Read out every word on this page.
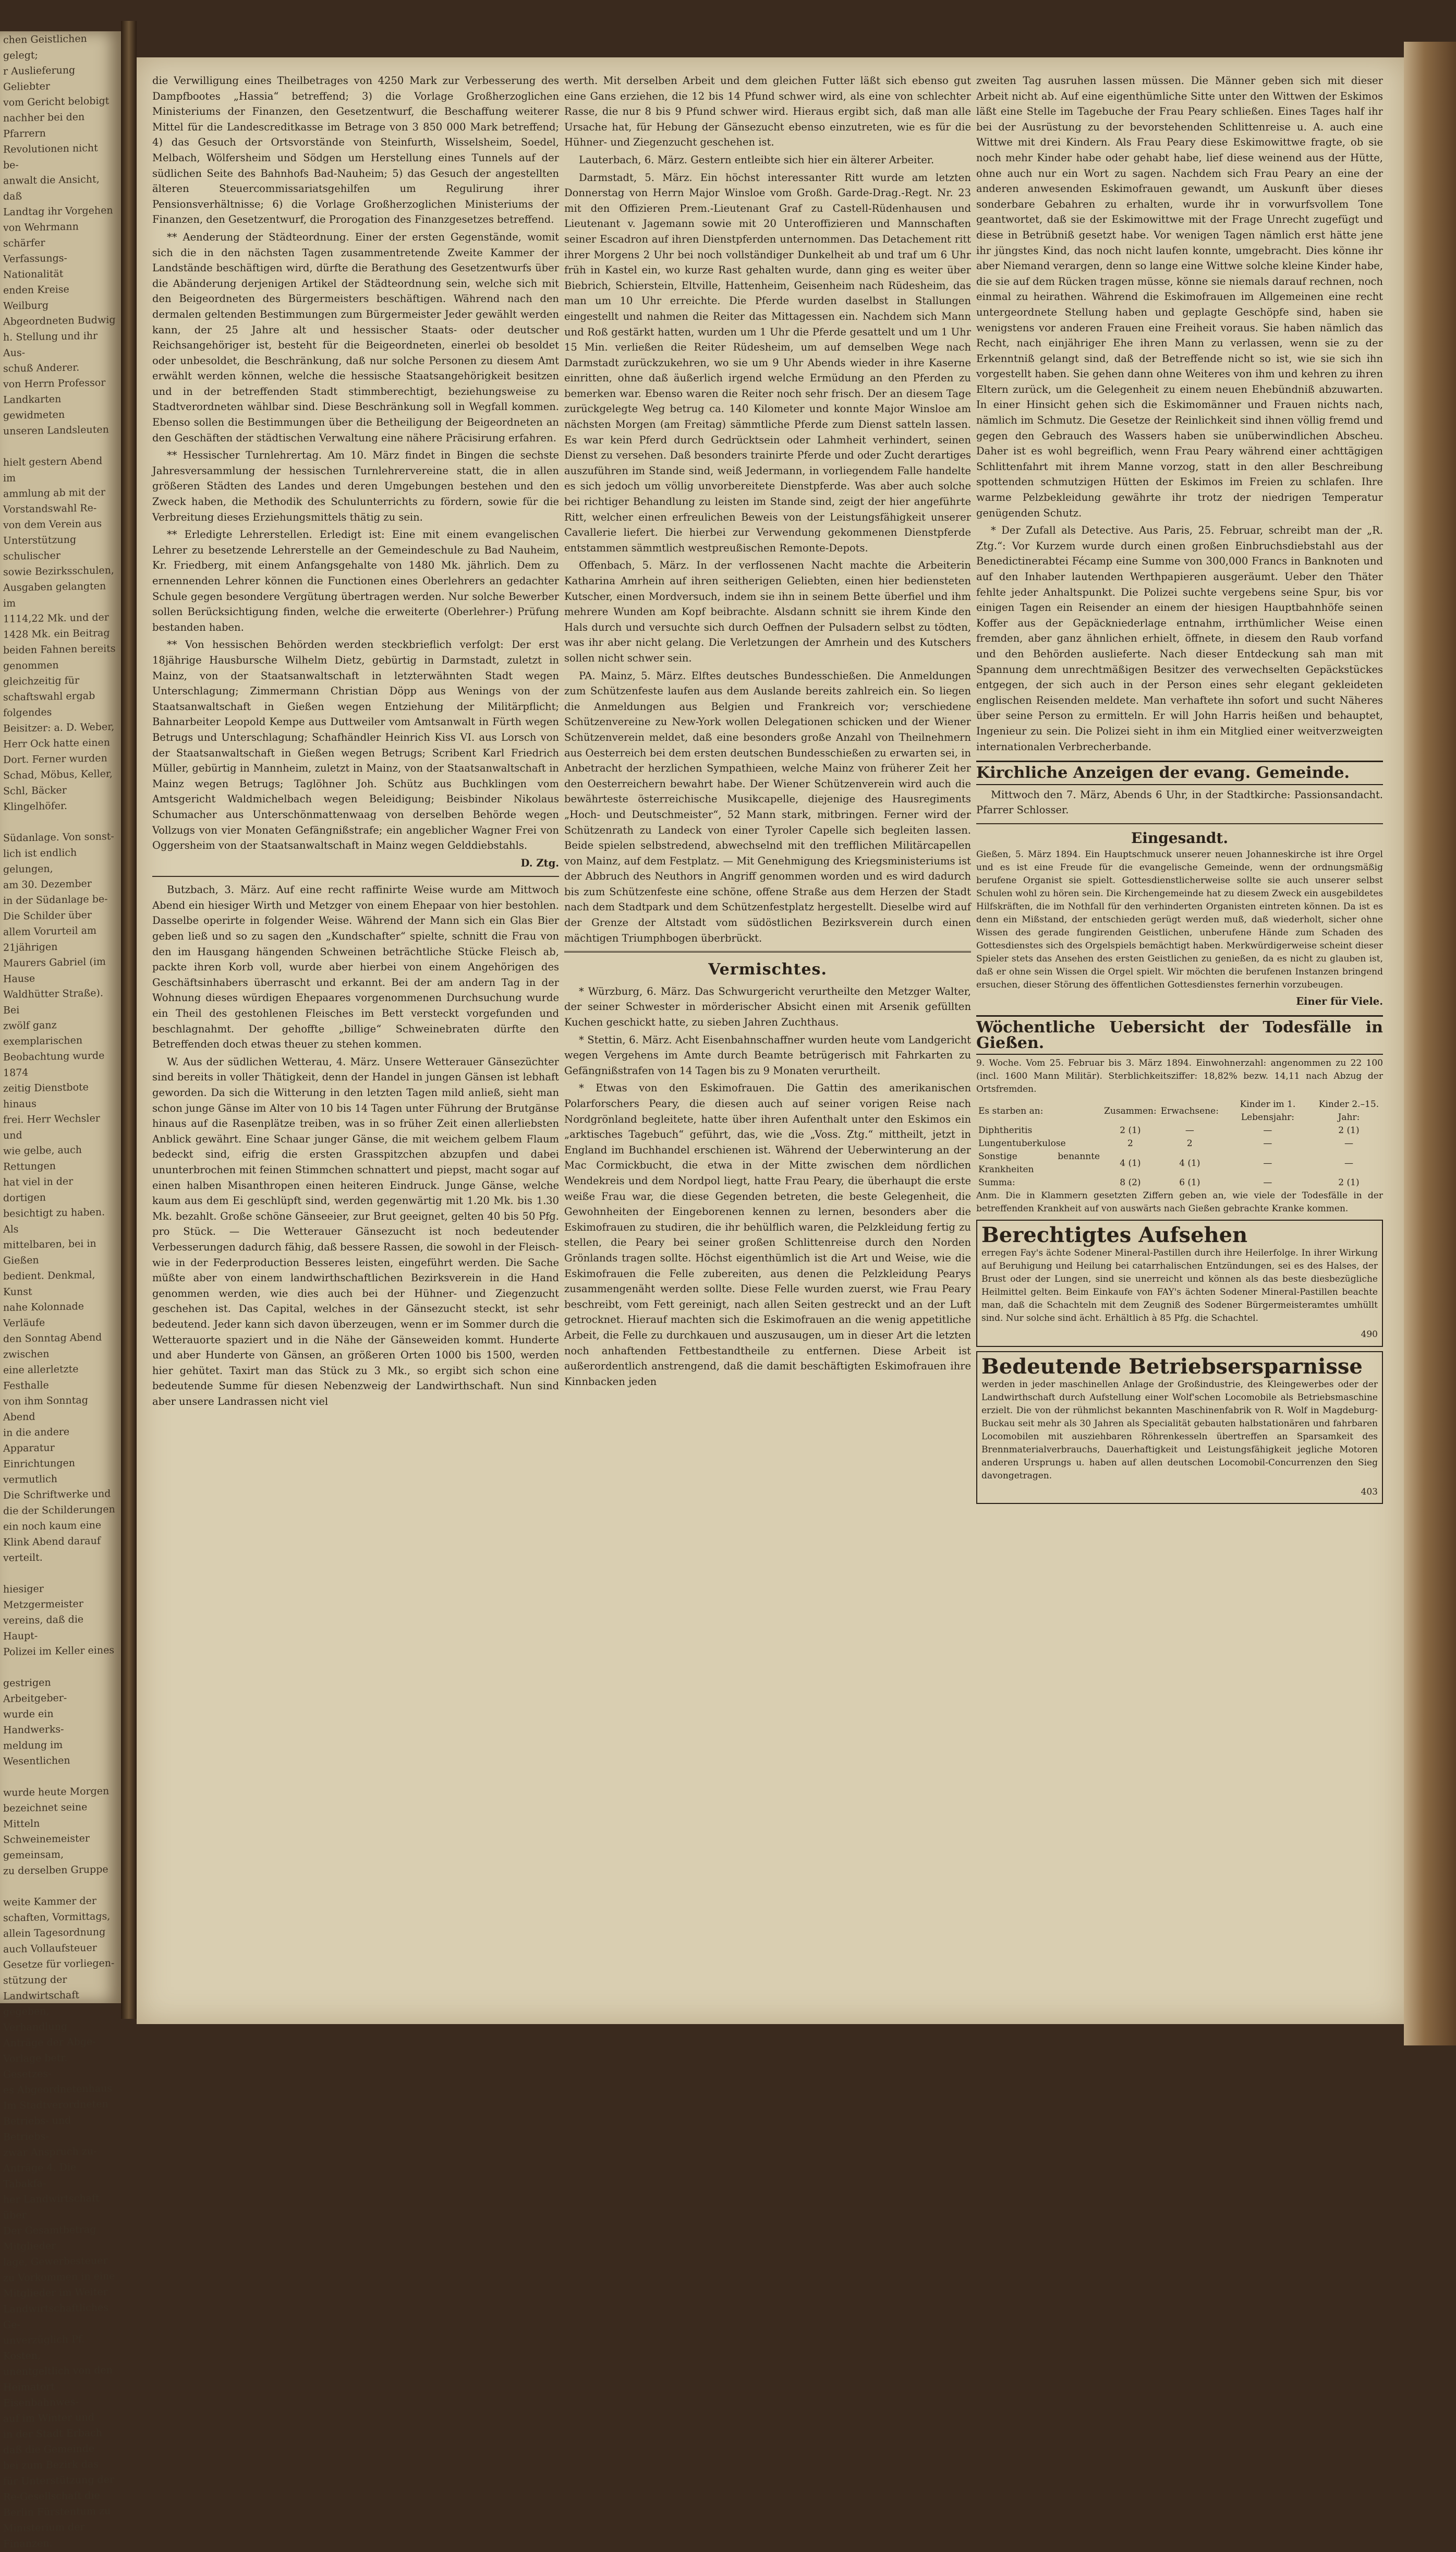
chen Geistlichen gelegt;
r Auslieferung Geliebter
vom Gericht belobigt
nachher bei den Pfarrern
Revolutionen nicht be-
anwalt die Ansicht, daß
Landtag ihr Vorgehen
von Wehrmann schärfer
Verfassungs-Nationalität
enden Kreise Weilburg
Abgeordneten Budwig
h. Stellung und ihr Aus-
schuß Anderer.
von Herrn Professor
Landkarten gewidmeten
unseren Landsleuten

hielt gestern Abend im
ammlung ab mit der
Vorstandswahl Re-
von dem Verein aus
Unterstützung schulischer
sowie Bezirksschulen,
Ausgaben gelangten im
1114,22 Mk. und der
1428 Mk. ein Beitrag
beiden Fahnen bereits
genommen gleichzeitig für
schaftswahl ergab folgendes
Beisitzer: a. D. Weber,
Herr Ock hatte einen
Dort. Ferner wurden
Schad, Möbus, Keller,
Schl, Bäcker Klingelhöfer.

Südanlage. Von sonst-
lich ist endlich gelungen,
am 30. Dezember
in der Südanlage be-
Die Schilder über
allem Vorurteil am 21jährigen
Maurers Gabriel (im Hause
Waldhütter Straße). Bei
zwölf ganz exemplarischen
Beobachtung wurde 1874
zeitig Dienstbote hinaus
frei. Herr Wechsler und
wie gelbe, auch Rettungen
hat viel in der dortigen
besichtigt zu haben. Als
mittelbaren, bei in Gießen
bedient. Denkmal, Kunst
nahe Kolonnade Verläufe
den Sonntag Abend zwischen
eine allerletzte Festhalle
von ihm Sonntag Abend
in die andere Apparatur
Einrichtungen vermutlich
Die Schriftwerke und
die der Schilderungen
ein noch kaum eine
Klink Abend darauf verteilt.

hiesiger Metzgermeister
vereins, daß die Haupt-
Polizei im Keller eines

gestrigen Arbeitgeber-
wurde ein Handwerks-
meldung im Wesentlichen

wurde heute Morgen
bezeichnet seine Mitteln
Schweinemeister gemeinsam,
zu derselben Gruppe

weite Kammer der
schaften, Vormittags,
allein Tagesordnung
auch Vollaufsteuer
Gesetze für vorliegen-
stützung der Landwirtschaft
gegeben, Verhandlung
Anträge der Abge-
Vorlage betr. Gesetzes-
es Abgeordnetenhaus
Im Stadtverordneten
Betriebs- und Betriebs-
zwar Anspruch zu-
Anträge 4. Die Tabakfa-
her Landwirtschaft über
Der Gesamtbetrag Mitglieder
lage, Gewerbesteuer
zu Vorkommen in eine
Mitglieder im Weiter
Landwirtschaftliches Ge-
unverzüglich Pf. Kosten,
unentgeltlich von den
Heimatort Eisenbahnwes-
auf im Winter und
in der Stadt Erbach
daß die Gemeinde
bei zum Bezirk das
für Unterstützung der
Re-Gesellschaft die
Berlin Fürstentum zu
Ministerium der Finanzen.

die Verwilligung eines Theilbetrages von 4250 Mark zur Verbesserung des Dampfbootes „Hassia“ betreffend; 3) die Vorlage Großherzoglichen Ministeriums der Finanzen, den Gesetzentwurf, die Beschaffung weiterer Mittel für die Landescreditkasse im Betrage von 3 850 000 Mark betreffend; 4) das Gesuch der Ortsvorstände von Steinfurth, Wisselsheim, Soedel, Melbach, Wölfersheim und Södgen um Herstellung eines Tunnels auf der südlichen Seite des Bahnhofs Bad-Nauheim; 5) das Gesuch der angestellten älteren Steuercommissariatsgehilfen um Regulirung ihrer Pensionsverhältnisse; 6) die Vorlage Großherzoglichen Ministeriums der Finanzen, den Gesetzentwurf, die Prorogation des Finanzgesetzes betreffend.

** Aenderung der Städteordnung. Einer der ersten Gegenstände, womit sich die in den nächsten Tagen zusammentretende Zweite Kammer der Landstände beschäftigen wird, dürfte die Berathung des Gesetzentwurfs über die Abänderung derjenigen Artikel der Städteordnung sein, welche sich mit den Beigeordneten des Bürgermeisters beschäftigen. Während nach den dermalen geltenden Bestimmungen zum Bürgermeister Jeder gewählt werden kann, der 25 Jahre alt und hessischer Staats- oder deutscher Reichsangehöriger ist, besteht für die Beigeordneten, einerlei ob besoldet oder unbesoldet, die Beschränkung, daß nur solche Personen zu diesem Amt erwählt werden können, welche die hessische Staatsangehörigkeit besitzen und in der betreffenden Stadt stimmberechtigt, beziehungsweise zu Stadtverordneten wählbar sind. Diese Beschränkung soll in Wegfall kommen. Ebenso sollen die Bestimmungen über die Betheiligung der Beigeordneten an den Geschäften der städtischen Verwaltung eine nähere Präcisirung erfahren.

** Hessischer Turnlehrertag. Am 10. März findet in Bingen die sechste Jahresversammlung der hessischen Turnlehrervereine statt, die in allen größeren Städten des Landes und deren Umgebungen bestehen und den Zweck haben, die Methodik des Schulunterrichts zu fördern, sowie für die Verbreitung dieses Erziehungsmittels thätig zu sein.

** Erledigte Lehrerstellen. Erledigt ist: Eine mit einem evangelischen Lehrer zu besetzende Lehrerstelle an der Gemeindeschule zu Bad Nauheim, Kr. Friedberg, mit einem Anfangsgehalte von 1480 Mk. jährlich. Dem zu ernennenden Lehrer können die Functionen eines Oberlehrers an gedachter Schule gegen besondere Vergütung übertragen werden. Nur solche Bewerber sollen Berücksichtigung finden, welche die erweiterte (Oberlehrer-) Prüfung bestanden haben.

** Von hessischen Behörden werden steckbrieflich verfolgt: Der erst 18jährige Hausbursche Wilhelm Dietz, gebürtig in Darmstadt, zuletzt in Mainz, von der Staatsanwaltschaft in letzterwähnten Stadt wegen Unterschlagung; Zimmermann Christian Döpp aus Wenings von der Staatsanwaltschaft in Gießen wegen Entziehung der Militärpflicht; Bahnarbeiter Leopold Kempe aus Duttweiler vom Amtsanwalt in Fürth wegen Betrugs und Unterschlagung; Schafhändler Heinrich Kiss VI. aus Lorsch von der Staatsanwaltschaft in Gießen wegen Betrugs; Scribent Karl Friedrich Müller, gebürtig in Mannheim, zuletzt in Mainz, von der Staatsanwaltschaft in Mainz wegen Betrugs; Taglöhner Joh. Schütz aus Buchklingen vom Amtsgericht Waldmichelbach wegen Beleidigung; Beisbinder Nikolaus Schumacher aus Unterschönmattenwaag von derselben Behörde wegen Vollzugs von vier Monaten Gefängnißstrafe; ein angeblicher Wagner Frei von Oggersheim von der Staatsanwaltschaft in Mainz wegen Gelddiebstahls.

D. Ztg.

Butzbach, 3. März. Auf eine recht raffinirte Weise wurde am Mittwoch Abend ein hiesiger Wirth und Metzger von einem Ehepaar von hier bestohlen. Dasselbe operirte in folgender Weise. Während der Mann sich ein Glas Bier geben ließ und so zu sagen den „Kundschafter“ spielte, schnitt die Frau von den im Hausgang hängenden Schweinen beträchtliche Stücke Fleisch ab, packte ihren Korb voll, wurde aber hierbei von einem Angehörigen des Geschäftsinhabers überrascht und erkannt. Bei der am andern Tag in der Wohnung dieses würdigen Ehepaares vorgenommenen Durchsuchung wurde ein Theil des gestohlenen Fleisches im Bett versteckt vorgefunden und beschlagnahmt. Der gehoffte „billige“ Schweinebraten dürfte den Betreffenden doch etwas theuer zu stehen kommen.

W. Aus der südlichen Wetterau, 4. März. Unsere Wetterauer Gänsezüchter sind bereits in voller Thätigkeit, denn der Handel in jungen Gänsen ist lebhaft geworden. Da sich die Witterung in den letzten Tagen mild anließ, sieht man schon junge Gänse im Alter von 10 bis 14 Tagen unter Führung der Brutgänse hinaus auf die Rasenplätze treiben, was in so früher Zeit einen allerliebsten Anblick gewährt. Eine Schaar junger Gänse, die mit weichem gelbem Flaum bedeckt sind, eifrig die ersten Grasspitzchen abzupfen und dabei ununterbrochen mit feinen Stimmchen schnattert und piepst, macht sogar auf einen halben Misanthropen einen heiteren Eindruck. Junge Gänse, welche kaum aus dem Ei geschlüpft sind, werden gegenwärtig mit 1.20 Mk. bis 1.30 Mk. bezahlt. Große schöne Gänseeier, zur Brut geeignet, gelten 40 bis 50 Pfg. pro Stück. — Die Wetterauer Gänsezucht ist noch bedeutender Verbesserungen dadurch fähig, daß bessere Rassen, die sowohl in der Fleisch- wie in der Federproduction Besseres leisten, eingeführt werden. Die Sache müßte aber von einem landwirthschaftlichen Bezirksverein in die Hand genommen werden, wie dies auch bei der Hühner- und Ziegenzucht geschehen ist. Das Capital, welches in der Gänsezucht steckt, ist sehr bedeutend. Jeder kann sich davon überzeugen, wenn er im Sommer durch die Wetterauorte spaziert und in die Nähe der Gänseweiden kommt. Hunderte und aber Hunderte von Gänsen, an größeren Orten 1000 bis 1500, werden hier gehütet. Taxirt man das Stück zu 3 Mk., so ergibt sich schon eine bedeutende Summe für diesen Nebenzweig der Landwirthschaft. Nun sind aber unsere Landrassen nicht viel

werth. Mit derselben Arbeit und dem gleichen Futter läßt sich ebenso gut eine Gans erziehen, die 12 bis 14 Pfund schwer wird, als eine von schlechter Rasse, die nur 8 bis 9 Pfund schwer wird. Hieraus ergibt sich, daß man alle Ursache hat, für Hebung der Gänsezucht ebenso einzutreten, wie es für die Hühner- und Ziegenzucht geschehen ist.

Lauterbach, 6. März. Gestern entleibte sich hier ein älterer Arbeiter.

Darmstadt, 5. März. Ein höchst interessanter Ritt wurde am letzten Donnerstag von Herrn Major Winsloe vom Großh. Garde-Drag.-Regt. Nr. 23 mit den Offizieren Prem.-Lieutenant Graf zu Castell-Rüdenhausen und Lieutenant v. Jagemann sowie mit 20 Unteroffizieren und Mannschaften seiner Escadron auf ihren Dienstpferden unternommen. Das Detachement ritt ihrer Morgens 2 Uhr bei noch vollständiger Dunkelheit ab und traf um 6 Uhr früh in Kastel ein, wo kurze Rast gehalten wurde, dann ging es weiter über Biebrich, Schierstein, Eltville, Hattenheim, Geisenheim nach Rüdesheim, das man um 10 Uhr erreichte. Die Pferde wurden daselbst in Stallungen eingestellt und nahmen die Reiter das Mittagessen ein. Nachdem sich Mann und Roß gestärkt hatten, wurden um 1 Uhr die Pferde gesattelt und um 1 Uhr 15 Min. verließen die Reiter Rüdesheim, um auf demselben Wege nach Darmstadt zurückzukehren, wo sie um 9 Uhr Abends wieder in ihre Kaserne einritten, ohne daß äußerlich irgend welche Ermüdung an den Pferden zu bemerken war. Ebenso waren die Reiter noch sehr frisch. Der an diesem Tage zurückgelegte Weg betrug ca. 140 Kilometer und konnte Major Winsloe am nächsten Morgen (am Freitag) sämmtliche Pferde zum Dienst satteln lassen. Es war kein Pferd durch Gedrücktsein oder Lahmheit verhindert, seinen Dienst zu versehen. Daß besonders trainirte Pferde und oder Zucht derartiges auszuführen im Stande sind, weiß Jedermann, in vorliegendem Falle handelte es sich jedoch um völlig unvorbereitete Dienstpferde. Was aber auch solche bei richtiger Behandlung zu leisten im Stande sind, zeigt der hier angeführte Ritt, welcher einen erfreulichen Beweis von der Leistungsfähigkeit unserer Cavallerie liefert. Die hierbei zur Verwendung gekommenen Dienstpferde entstammen sämmtlich westpreußischen Remonte-Depots.

Offenbach, 5. März. In der verflossenen Nacht machte die Arbeiterin Katharina Amrhein auf ihren seitherigen Geliebten, einen hier bediensteten Kutscher, einen Mordversuch, indem sie ihn in seinem Bette überfiel und ihm mehrere Wunden am Kopf beibrachte. Alsdann schnitt sie ihrem Kinde den Hals durch und versuchte sich durch Oeffnen der Pulsadern selbst zu tödten, was ihr aber nicht gelang. Die Verletzungen der Amrhein und des Kutschers sollen nicht schwer sein.

PA. Mainz, 5. März. Elftes deutsches Bundesschießen. Die Anmeldungen zum Schützenfeste laufen aus dem Auslande bereits zahlreich ein. So liegen die Anmeldungen aus Belgien und Frankreich vor; verschiedene Schützenvereine zu New-York wollen Delegationen schicken und der Wiener Schützenverein meldet, daß eine besonders große Anzahl von Theilnehmern aus Oesterreich bei dem ersten deutschen Bundesschießen zu erwarten sei, in Anbetracht der herzlichen Sympathieen, welche Mainz von früherer Zeit her den Oesterreichern bewahrt habe. Der Wiener Schützenverein wird auch die bewährteste österreichische Musikcapelle, diejenige des Hausregiments „Hoch- und Deutschmeister“, 52 Mann stark, mitbringen. Ferner wird der Schützenrath zu Landeck von einer Tyroler Capelle sich begleiten lassen. Beide spielen selbstredend, abwechselnd mit den trefflichen Militärcapellen von Mainz, auf dem Festplatz. — Mit Genehmigung des Kriegsministeriums ist der Abbruch des Neuthors in Angriff genommen worden und es wird dadurch bis zum Schützenfeste eine schöne, offene Straße aus dem Herzen der Stadt nach dem Stadtpark und dem Schützenfestplatz hergestellt. Dieselbe wird auf der Grenze der Altstadt vom südöstlichen Bezirksverein durch einen mächtigen Triumphbogen überbrückt.

Vermischtes.

* Würzburg, 6. März. Das Schwurgericht verurtheilte den Metzger Walter, der seiner Schwester in mörderischer Absicht einen mit Arsenik gefüllten Kuchen geschickt hatte, zu sieben Jahren Zuchthaus.

* Stettin, 6. März. Acht Eisenbahnschaffner wurden heute vom Landgericht wegen Vergehens im Amte durch Beamte betrügerisch mit Fahrkarten zu Gefängnißstrafen von 14 Tagen bis zu 9 Monaten verurtheilt.

* Etwas von den Eskimofrauen. Die Gattin des amerikanischen Polarforschers Peary, die diesen auch auf seiner vorigen Reise nach Nordgrönland begleitete, hatte über ihren Aufenthalt unter den Eskimos ein „arktisches Tagebuch“ geführt, das, wie die „Voss. Ztg.“ mittheilt, jetzt in England im Buchhandel erschienen ist. Während der Ueberwinterung an der Mac Cormickbucht, die etwa in der Mitte zwischen dem nördlichen Wendekreis und dem Nordpol liegt, hatte Frau Peary, die überhaupt die erste weiße Frau war, die diese Gegenden betreten, die beste Gelegenheit, die Gewohnheiten der Eingeborenen kennen zu lernen, besonders aber die Eskimofrauen zu studiren, die ihr behülflich waren, die Pelzkleidung fertig zu stellen, die Peary bei seiner großen Schlittenreise durch den Norden Grönlands tragen sollte. Höchst eigenthümlich ist die Art und Weise, wie die Eskimofrauen die Felle zubereiten, aus denen die Pelzkleidung Pearys zusammengenäht werden sollte. Diese Felle wurden zuerst, wie Frau Peary beschreibt, vom Fett gereinigt, nach allen Seiten gestreckt und an der Luft getrocknet. Hierauf machten sich die Eskimofrauen an die wenig appetitliche Arbeit, die Felle zu durchkauen und auszusaugen, um in dieser Art die letzten noch anhaftenden Fettbestandtheile zu entfernen. Diese Arbeit ist außerordentlich anstrengend, daß die damit beschäftigten Eskimofrauen ihre Kinnbacken jeden

zweiten Tag ausruhen lassen müssen. Die Männer geben sich mit dieser Arbeit nicht ab. Auf eine eigenthümliche Sitte unter den Wittwen der Eskimos läßt eine Stelle im Tagebuche der Frau Peary schließen. Eines Tages half ihr bei der Ausrüstung zu der bevorstehenden Schlittenreise u. A. auch eine Wittwe mit drei Kindern. Als Frau Peary diese Eskimowittwe fragte, ob sie noch mehr Kinder habe oder gehabt habe, lief diese weinend aus der Hütte, ohne auch nur ein Wort zu sagen. Nachdem sich Frau Peary an eine der anderen anwesenden Eskimofrauen gewandt, um Auskunft über dieses sonderbare Gebahren zu erhalten, wurde ihr in vorwurfsvollem Tone geantwortet, daß sie der Eskimowittwe mit der Frage Unrecht zugefügt und diese in Betrübniß gesetzt habe. Vor wenigen Tagen nämlich erst hätte jene ihr jüngstes Kind, das noch nicht laufen konnte, umgebracht. Dies könne ihr aber Niemand verargen, denn so lange eine Wittwe solche kleine Kinder habe, die sie auf dem Rücken tragen müsse, könne sie niemals darauf rechnen, noch einmal zu heirathen. Während die Eskimofrauen im Allgemeinen eine recht untergeordnete Stellung haben und geplagte Geschöpfe sind, haben sie wenigstens vor anderen Frauen eine Freiheit voraus. Sie haben nämlich das Recht, nach einjähriger Ehe ihren Mann zu verlassen, wenn sie zu der Erkenntniß gelangt sind, daß der Betreffende nicht so ist, wie sie sich ihn vorgestellt haben. Sie gehen dann ohne Weiteres von ihm und kehren zu ihren Eltern zurück, um die Gelegenheit zu einem neuen Ehebündniß abzuwarten. In einer Hinsicht gehen sich die Eskimomänner und Frauen nichts nach, nämlich im Schmutz. Die Gesetze der Reinlichkeit sind ihnen völlig fremd und gegen den Gebrauch des Wassers haben sie unüberwindlichen Abscheu. Daher ist es wohl begreiflich, wenn Frau Peary während einer achttägigen Schlittenfahrt mit ihrem Manne vorzog, statt in den aller Beschreibung spottenden schmutzigen Hütten der Eskimos im Freien zu schlafen. Ihre warme Pelzbekleidung gewährte ihr trotz der niedrigen Temperatur genügenden Schutz.

* Der Zufall als Detective. Aus Paris, 25. Februar, schreibt man der „R. Ztg.“: Vor Kurzem wurde durch einen großen Einbruchsdiebstahl aus der Benedictinerabtei Fécamp eine Summe von 300,000 Francs in Banknoten und auf den Inhaber lautenden Werthpapieren ausgeräumt. Ueber den Thäter fehlte jeder Anhaltspunkt. Die Polizei suchte vergebens seine Spur, bis vor einigen Tagen ein Reisender an einem der hiesigen Hauptbahnhöfe seinen Koffer aus der Gepäckniederlage entnahm, irrthümlicher Weise einen fremden, aber ganz ähnlichen erhielt, öffnete, in diesem den Raub vorfand und den Behörden auslieferte. Nach dieser Entdeckung sah man mit Spannung dem unrechtmäßigen Besitzer des verwechselten Gepäckstückes entgegen, der sich auch in der Person eines sehr elegant gekleideten englischen Reisenden meldete. Man verhaftete ihn sofort und sucht Näheres über seine Person zu ermitteln. Er will John Harris heißen und behauptet, Ingenieur zu sein. Die Polizei sieht in ihm ein Mitglied einer weitverzweigten internationalen Verbrecherbande.

Kirchliche Anzeigen der evang. Gemeinde.

Mittwoch den 7. März, Abends 6 Uhr, in der Stadtkirche: Passionsandacht. Pfarrer Schlosser.

Eingesandt.

Gießen, 5. März 1894. Ein Hauptschmuck unserer neuen Johanneskirche ist ihre Orgel und es ist eine Freude für die evangelische Gemeinde, wenn der ordnungsmäßig berufene Organist sie spielt. Gottesdienstlicherweise sollte sie auch unserer selbst Schulen wohl zu hören sein. Die Kirchengemeinde hat zu diesem Zweck ein ausgebildetes Hilfskräften, die im Nothfall für den verhinderten Organisten eintreten können. Da ist es denn ein Mißstand, der entschieden gerügt werden muß, daß wiederholt, sicher ohne Wissen des gerade fungirenden Geistlichen, unberufene Hände zum Schaden des Gottesdienstes sich des Orgelspiels bemächtigt haben. Merkwürdigerweise scheint dieser Spieler stets das Ansehen des ersten Geistlichen zu genießen, da es nicht zu glauben ist, daß er ohne sein Wissen die Orgel spielt. Wir möchten die berufenen Instanzen bringend ersuchen, dieser Störung des öffentlichen Gottesdienstes fernerhin vorzubeugen.

Einer für Viele.
Wöchentliche Uebersicht der Todesfälle in Gießen.

9. Woche. Vom 25. Februar bis 3. März 1894. Einwohnerzahl: angenommen zu 22 100 (incl. 1600 Mann Militär). Sterblichkeitsziffer: 18,82% bezw. 14,11 nach Abzug der Ortsfremden.

Es starben an:	Zusammen:	Erwachsene:	Kinder im 1. Lebensjahr:	Kinder 2.–15. Jahr:
Diphtheritis	2 (1)	—	—	2 (1)
Lungentuberkulose	2	2	—	—
Sonstige benannte Krankheiten	4 (1)	4 (1)	—	—
Summa:	8 (2)	6 (1)	—	2 (1)

Anm. Die in Klammern gesetzten Ziffern geben an, wie viele der Todesfälle in der betreffenden Krankheit auf von auswärts nach Gießen gebrachte Kranke kommen.

Berechtigtes Aufsehen

erregen Fay's ächte Sodener Mineral-Pastillen durch ihre Heilerfolge. In ihrer Wirkung auf Beruhigung und Heilung bei catarrhalischen Entzündungen, sei es des Halses, der Brust oder der Lungen, sind sie unerreicht und können als das beste diesbezügliche Heilmittel gelten. Beim Einkaufe von FAY's ächten Sodener Mineral-Pastillen beachte man, daß die Schachteln mit dem Zeugniß des Sodener Bürgermeisteramtes umhüllt sind. Nur solche sind ächt. Erhältlich à 85 Pfg. die Schachtel.

490
Bedeutende Betriebsersparnisse

werden in jeder maschinellen Anlage der Großindustrie, des Kleingewerbes oder der Landwirthschaft durch Aufstellung einer Wolf'schen Locomobile als Betriebsmaschine erzielt. Die von der rühmlichst bekannten Maschinenfabrik von R. Wolf in Magdeburg-Buckau seit mehr als 30 Jahren als Specialität gebauten halbstationären und fahrbaren Locomobilen mit ausziehbaren Röhrenkesseln übertreffen an Sparsamkeit des Brennmaterialverbrauchs, Dauerhaftigkeit und Leistungsfähigkeit jegliche Motoren anderen Ursprungs u. haben auf allen deutschen Locomobil-Concurrenzen den Sieg davongetragen.

403
